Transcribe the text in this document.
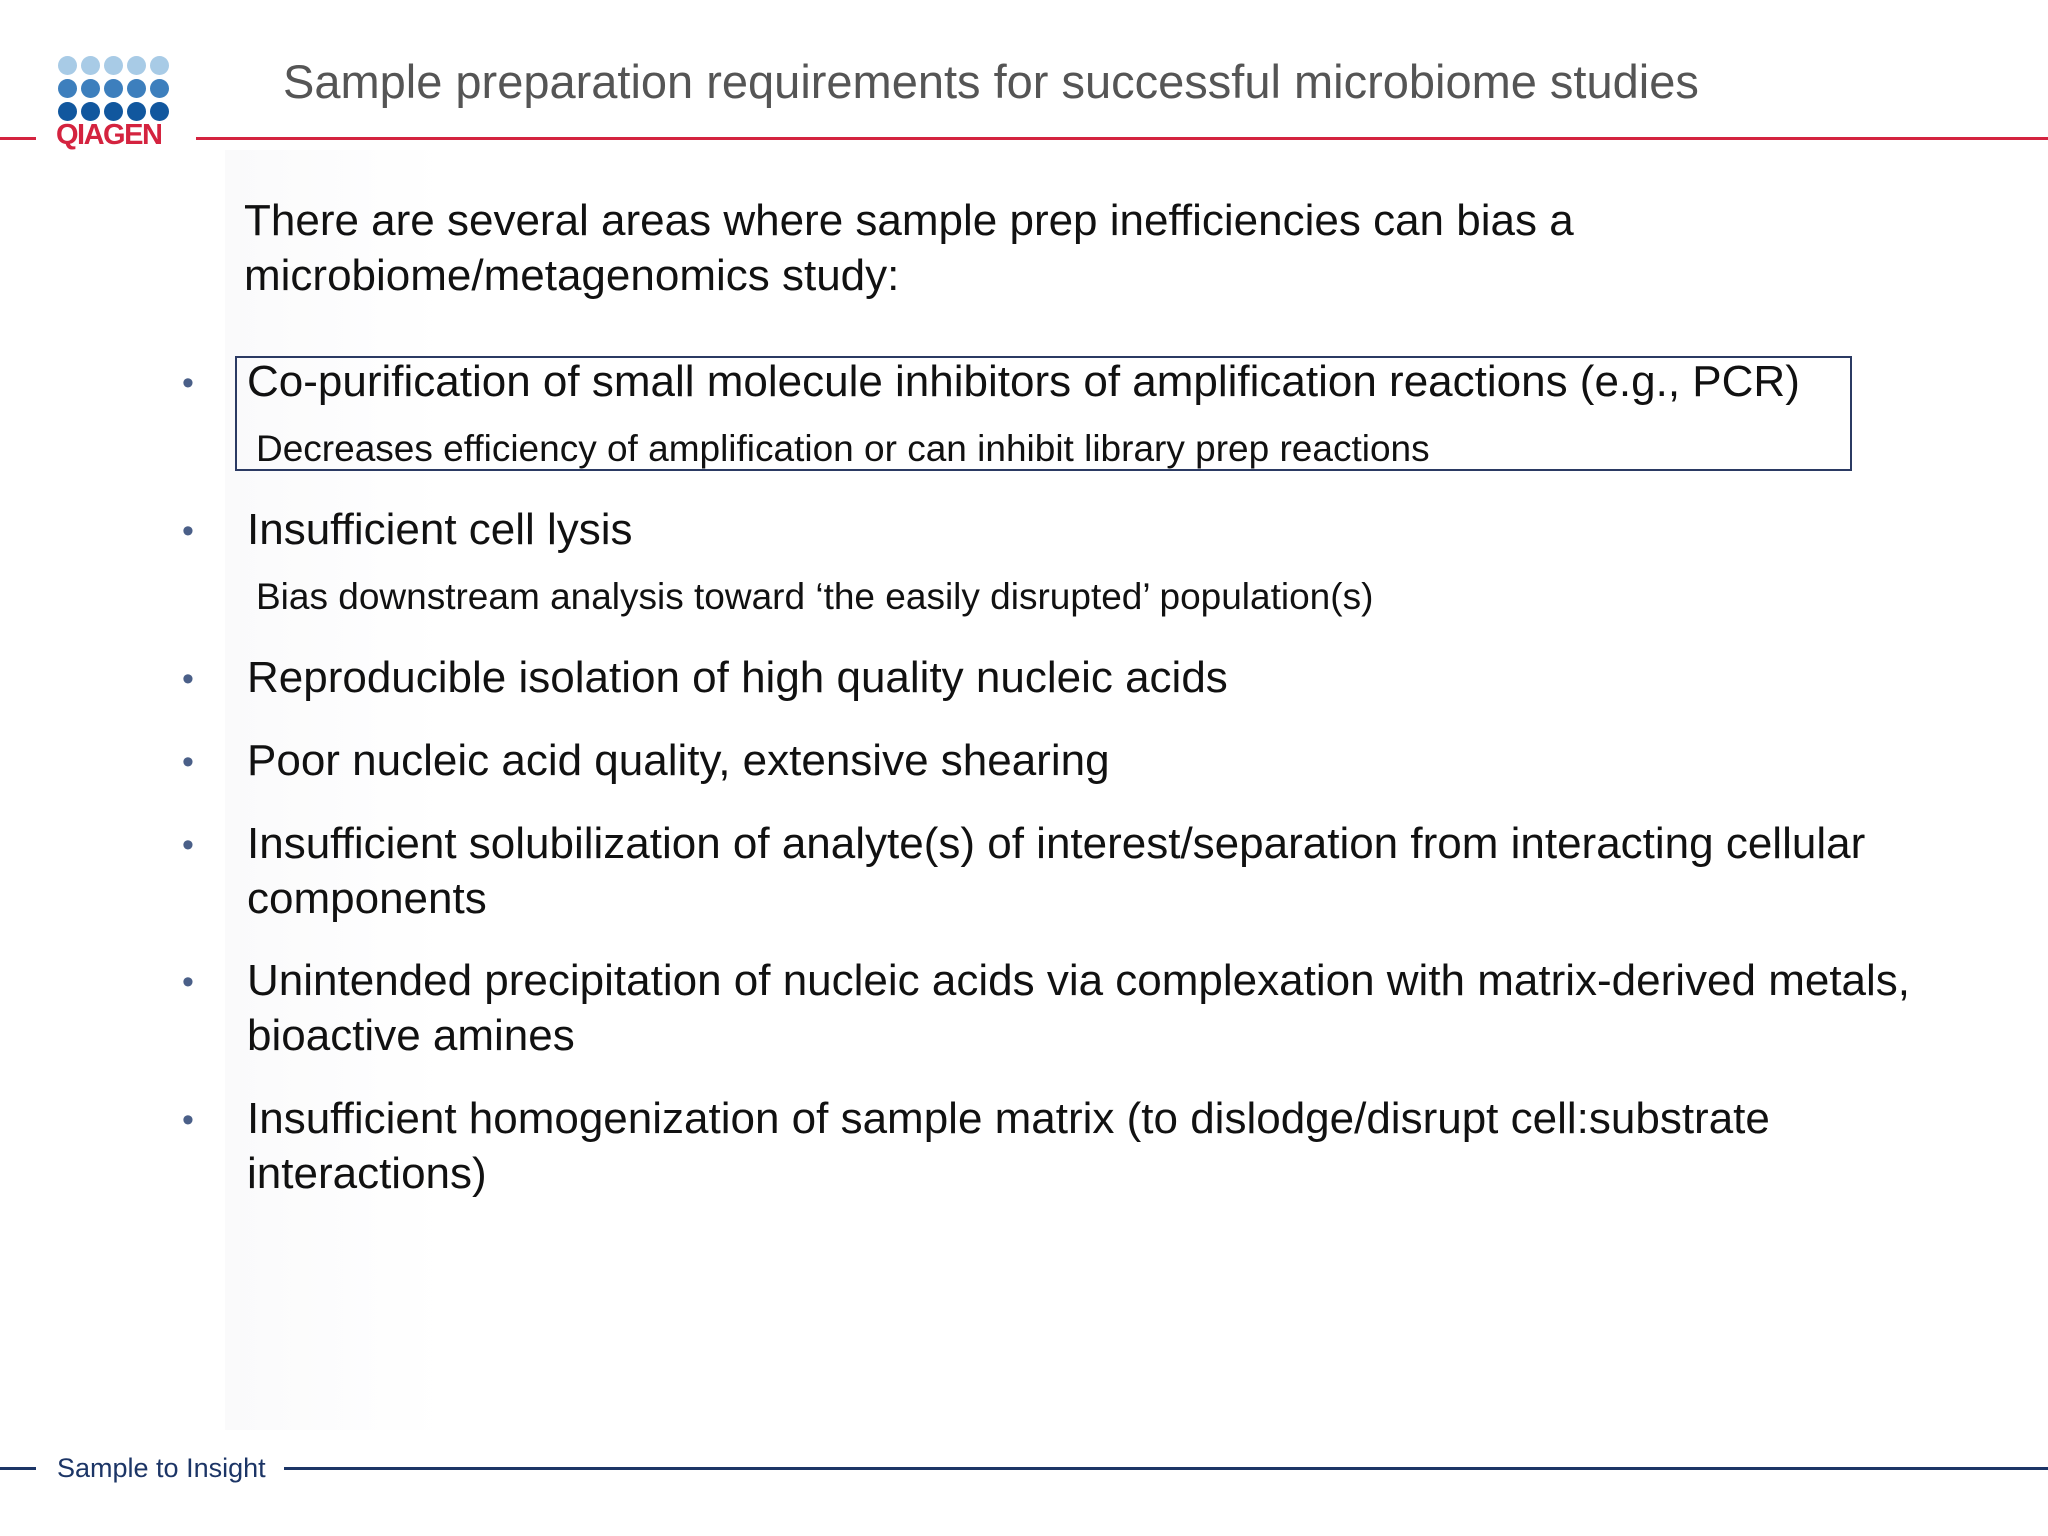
QIAGEN
Sample preparation requirements for successful microbiome studies
There are several areas where sample prep inefficiencies can bias a microbiome/metagenomics study:
• Co-purification of small molecule inhibitors of amplification reactions (e.g., PCR)
Decreases efficiency of amplification or can inhibit library prep reactions
• Insufficient cell lysis
Bias downstream analysis toward ‘the easily disrupted’ population(s)
• Reproducible isolation of high quality nucleic acids
• Poor nucleic acid quality, extensive shearing
• Insufficient solubilization of analyte(s) of interest/separation from interacting cellular components
• Unintended precipitation of nucleic acids via complexation with matrix-derived metals, bioactive amines
• Insufficient homogenization of sample matrix (to dislodge/disrupt cell:substrate interactions)
Sample to Insight
